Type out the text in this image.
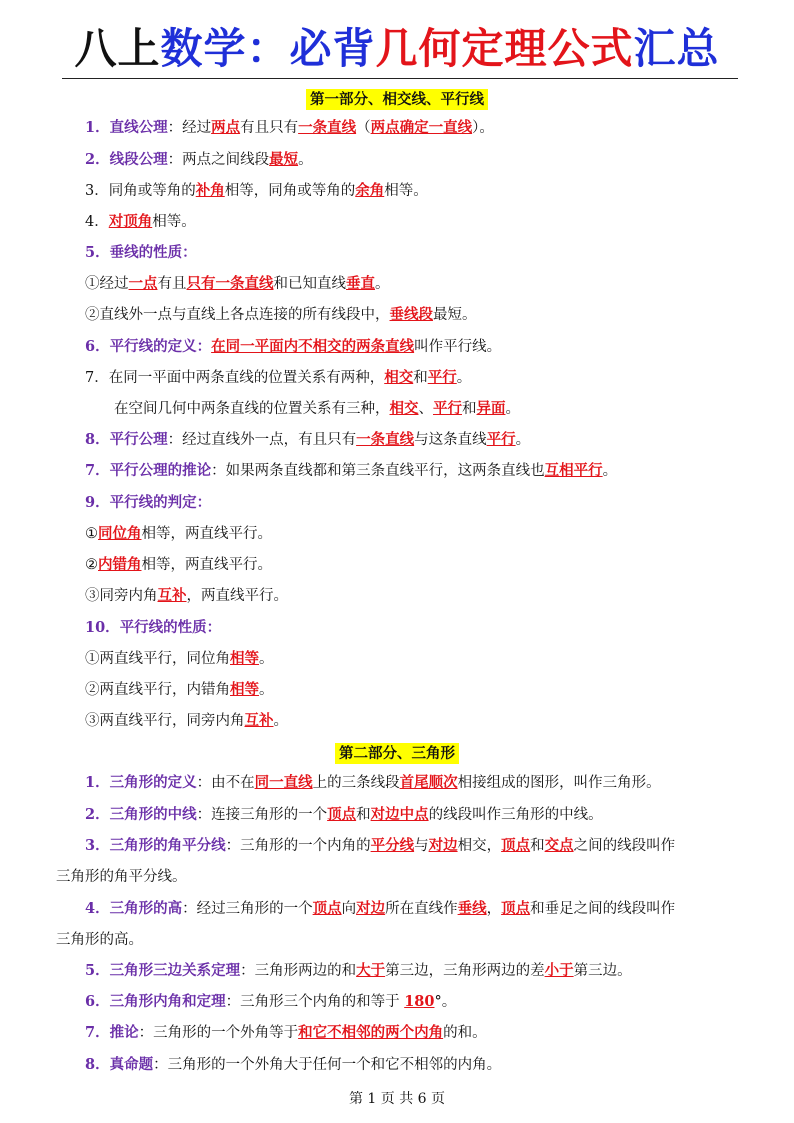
八上数学：必背几何定理公式汇总
第一部分、相交线、平行线
1．直线公理：经过两点有且只有一条直线（两点确定一直线）。
2．线段公理：两点之间线段最短。
3．同角或等角的补角相等，同角或等角的余角相等。
4．对顶角相等。
5．垂线的性质：
①经过一点有且只有一条直线和已知直线垂直。
②直线外一点与直线上各点连接的所有线段中，垂线段最短。
6．平行线的定义：在同一平面内不相交的两条直线叫作平行线。
7．在同一平面中两条直线的位置关系有两种，相交和平行。
在空间几何中两条直线的位置关系有三种，相交、平行和异面。
8．平行公理：经过直线外一点，有且只有一条直线与这条直线平行。
7．平行公理的推论：如果两条直线都和第三条直线平行，这两条直线也互相平行。
9．平行线的判定：
①同位角相等，两直线平行。
②内错角相等，两直线平行。
③同旁内角互补，两直线平行。
10．平行线的性质：
①两直线平行，同位角相等。
②两直线平行，内错角相等。
③两直线平行，同旁内角互补。
第二部分、三角形
1．三角形的定义：由不在同一直线上的三条线段首尾顺次相接组成的图形，叫作三角形。
2．三角形的中线：连接三角形的一个顶点和对边中点的线段叫作三角形的中线。
3．三角形的角平分线：三角形的一个内角的平分线与对边相交，顶点和交点之间的线段叫作
三角形的角平分线。
4．三角形的高：经过三角形的一个顶点向对边所在直线作垂线，顶点和垂足之间的线段叫作
三角形的高。
5．三角形三边关系定理：三角形两边的和大于第三边，三角形两边的差小于第三边。
6．三角形内角和定理：三角形三个内角的和等于 180°。
7．推论：三角形的一个外角等于和它不相邻的两个内角的和。
8．真命题：三角形的一个外角大于任何一个和它不相邻的内角。
第 1 页 共 6 页
